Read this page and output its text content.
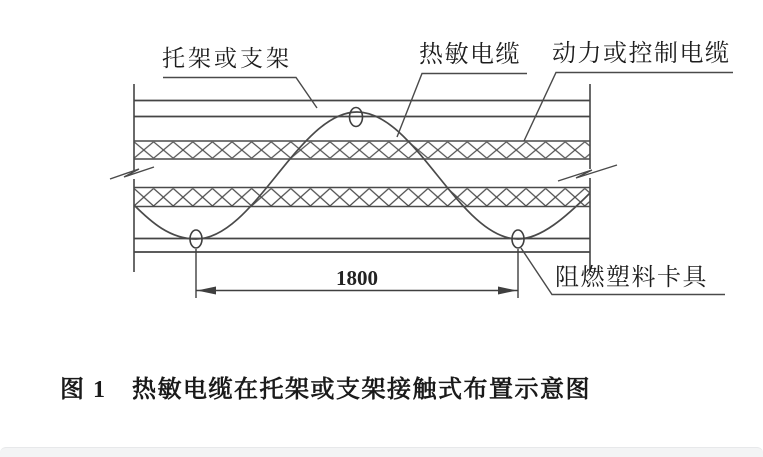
托架或支架	热敏电缆 动力或控制电缆
阻燃塑料卡具
1800
图 1　热敏电缆在托架或支架接触式布置示意图
